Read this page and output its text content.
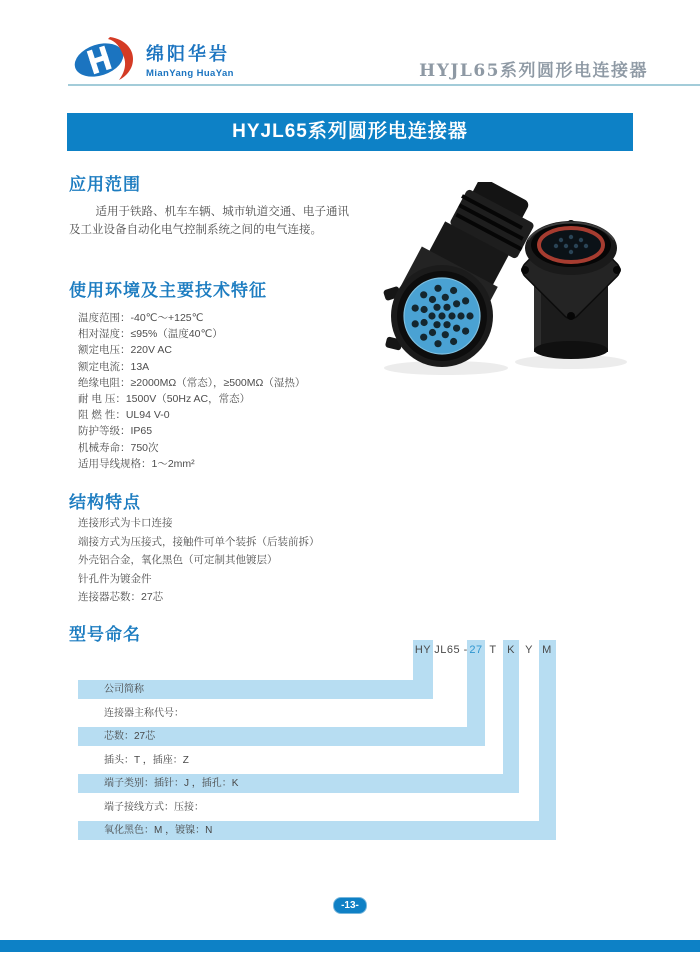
绵阳华岩
MianYang HuaYan	HYJL65系列圆形电连接器
HYJL65系列圆形电连接器
应用范围
适用于铁路、机车车辆、城市轨道交通、电子通讯及工业设备自动化电气控制系统之间的电气连接。
使用环境及主要技术特征
温度范围：-40℃～+125℃
相对湿度：≤95%（温度40℃）
额定电压：220V AC
额定电流：13A
绝缘电阻：≥2000MΩ（常态），≥500MΩ（湿热）
耐 电 压：1500V（50Hz AC，常态）
阻 燃 性：UL94 V-0
防护等级：IP65
机械寿命：750次
适用导线规格：1～2mm²
结构特点
连接形式为卡口连接
端接方式为压接式，接触件可单个装拆（后装前拆）
外壳铝合金，氧化黑色（可定制其他镀层）
针孔件为镀金件
连接器芯数：27芯
型号命名
公司简称
连接器主称代号：
芯数：27芯
插头：T ，插座：Z
端子类别：插针：J ，插孔：K
端子接线方式：压接：
氧化黑色：M ，镀镍：N
HY JL65 - 27 T K Y M
-13-
